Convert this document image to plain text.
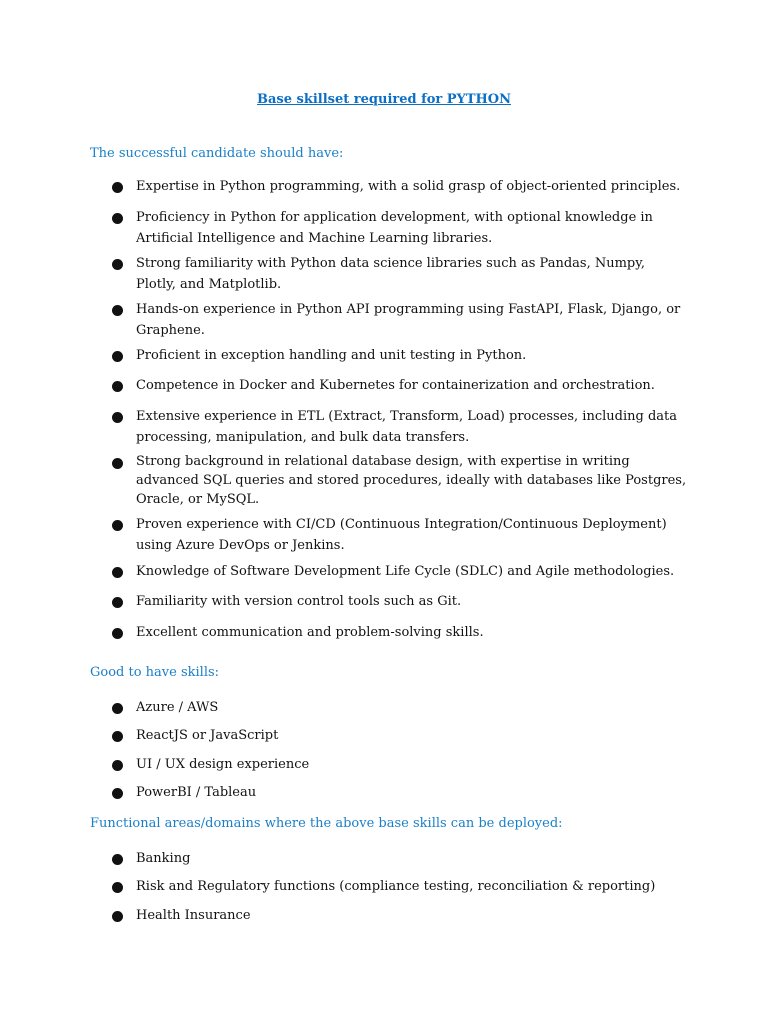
Base skillset required for PYTHON
The successful candidate should have:
Expertise in Python programming, with a solid grasp of object-oriented principles.
Proficiency in Python for application development, with optional knowledge in Artificial Intelligence and Machine Learning libraries.
Strong familiarity with Python data science libraries such as Pandas, Numpy, Plotly, and Matplotlib.
Hands-on experience in Python API programming using FastAPI, Flask, Django, or Graphene.
Proficient in exception handling and unit testing in Python.
Competence in Docker and Kubernetes for containerization and orchestration.
Extensive experience in ETL (Extract, Transform, Load) processes, including data processing, manipulation, and bulk data transfers.
Strong background in relational database design, with expertise in writing advanced SQL queries and stored procedures, ideally with databases like Postgres, Oracle, or MySQL.
Proven experience with CI/CD (Continuous Integration/Continuous Deployment) using Azure DevOps or Jenkins.
Knowledge of Software Development Life Cycle (SDLC) and Agile methodologies.
Familiarity with version control tools such as Git.
Excellent communication and problem-solving skills.
Good to have skills:
Azure / AWS
ReactJS or JavaScript
UI / UX design experience
PowerBI / Tableau
Functional areas/domains where the above base skills can be deployed:
Banking
Risk and Regulatory functions (compliance testing, reconciliation & reporting)
Health Insurance
